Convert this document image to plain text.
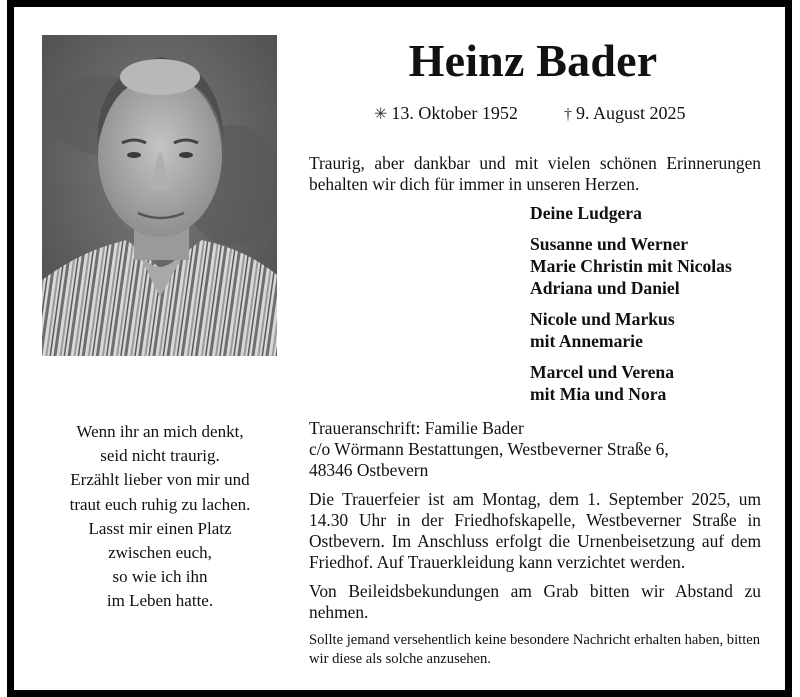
Heinz Bader
✳ 13. Oktober 1952	† 9. August 2025
Traurig, aber dankbar und mit vielen schönen Erinnerungen behalten wir dich für immer in unseren Herzen.
Deine Ludgera
Susanne und Werner
Marie Christin mit Nicolas
Adriana und Daniel
Nicole und Markus
mit Annemarie
Marcel und Verena
mit Mia und Nora
Wenn ihr an mich denkt,
seid nicht traurig.
Erzählt lieber von mir und
traut euch ruhig zu lachen.
Lasst mir einen Platz
zwischen euch,
so wie ich ihn
im Leben hatte.
Traueranschrift: Familie Bader
c/o Wörmann Bestattungen, Westbeverner Straße 6,
48346 Ostbevern
Die Trauerfeier ist am Montag, dem 1. September 2025, um 14.30 Uhr in der Friedhofskapelle, Westbeverner Straße in Ostbevern. Im Anschluss erfolgt die Urnenbeisetzung auf dem Friedhof. Auf Trauerkleidung kann verzichtet werden.
Von Beileidsbekundungen am Grab bitten wir Abstand zu nehmen.
Sollte jemand versehentlich keine besondere Nachricht erhalten haben, bitten wir diese als solche anzusehen.
